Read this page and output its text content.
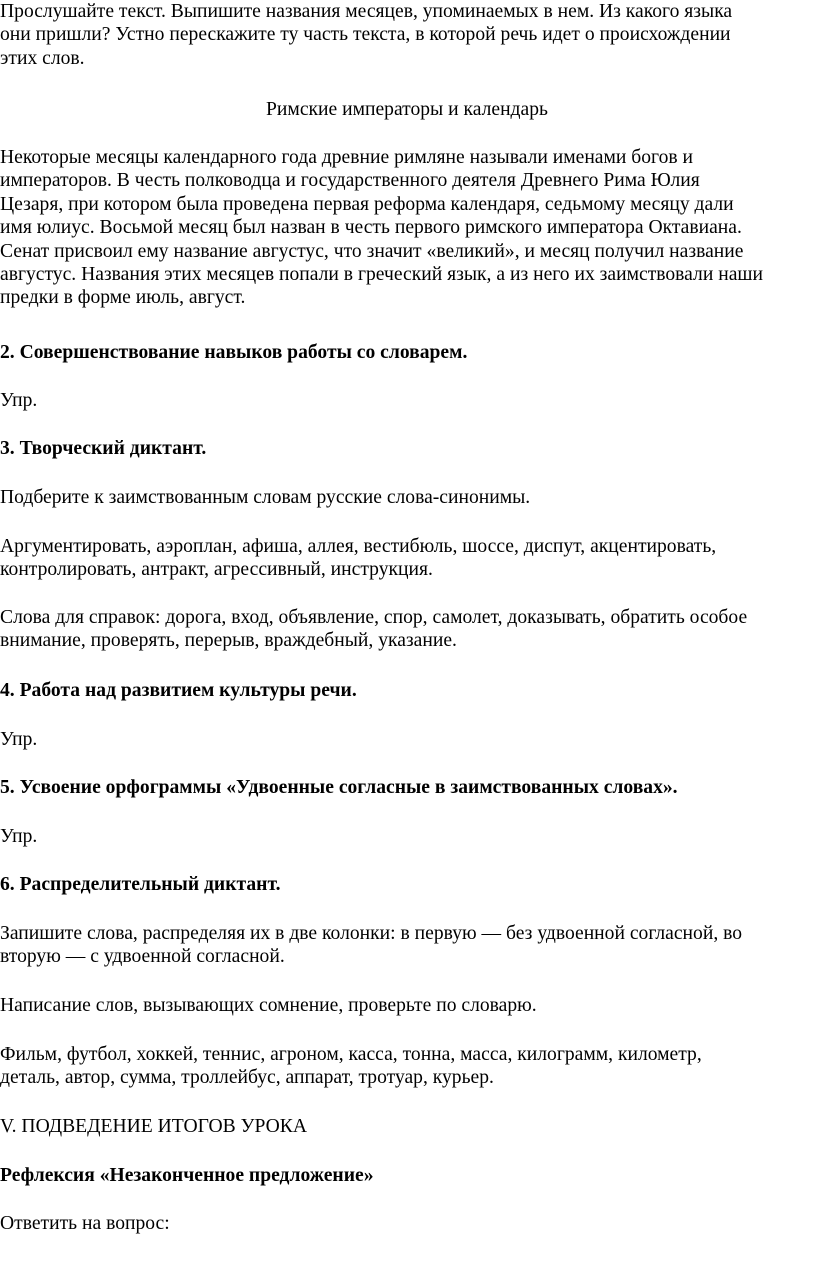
Прослушайте текст. Выпишите названия месяцев, упоминаемых в нем. Из какого языка
они пришли? Устно перескажите ту часть текста, в которой речь идет о происхождении
этих слов.
Римские императоры и календарь
Некоторые месяцы календарного года древние римляне называли именами богов и
императоров. В честь полководца и государственного деятеля Древнего Рима Юлия
Цезаря, при котором была проведена первая реформа календаря, седьмому месяцу дали
имя юлиус. Восьмой месяц был назван в честь первого римского императора Октавиана.
Сенат присвоил ему название августус, что значит «великий», и месяц получил название
августус. Названия этих месяцев попали в греческий язык, а из него их заимствовали наши
предки в форме июль, август.
2. Совершенствование навыков работы со словарем.
Упр.
3. Творческий диктант.
Подберите к заимствованным словам русские слова-синонимы.
Аргументировать, аэроплан, афиша, аллея, вестибюль, шоссе, диспут, акцентировать,
контролировать, антракт, агрессивный, инструкция.
Слова для справок: дорога, вход, объявление, спор, самолет, доказывать, обратить особое
внимание, проверять, перерыв, враждебный, указание.
4. Работа над развитием культуры речи.
Упр.
5. Усвоение орфограммы «Удвоенные согласные в заимствованных словах».
Упр.
6. Распределительный диктант.
Запишите слова, распределяя их в две колонки: в первую — без удвоенной согласной, во
вторую — с удвоенной согласной.
Написание слов, вызывающих сомнение, проверьте по словарю.
Фильм, футбол, хоккей, теннис, агроном, касса, тонна, масса, килограмм, километр,
деталь, автор, сумма, троллейбус, аппарат, тротуар, курьер.
V. ПОДВЕДЕНИЕ ИТОГОВ УРОКА
Рефлексия «Незаконченное предложение»
Ответить на вопрос:
